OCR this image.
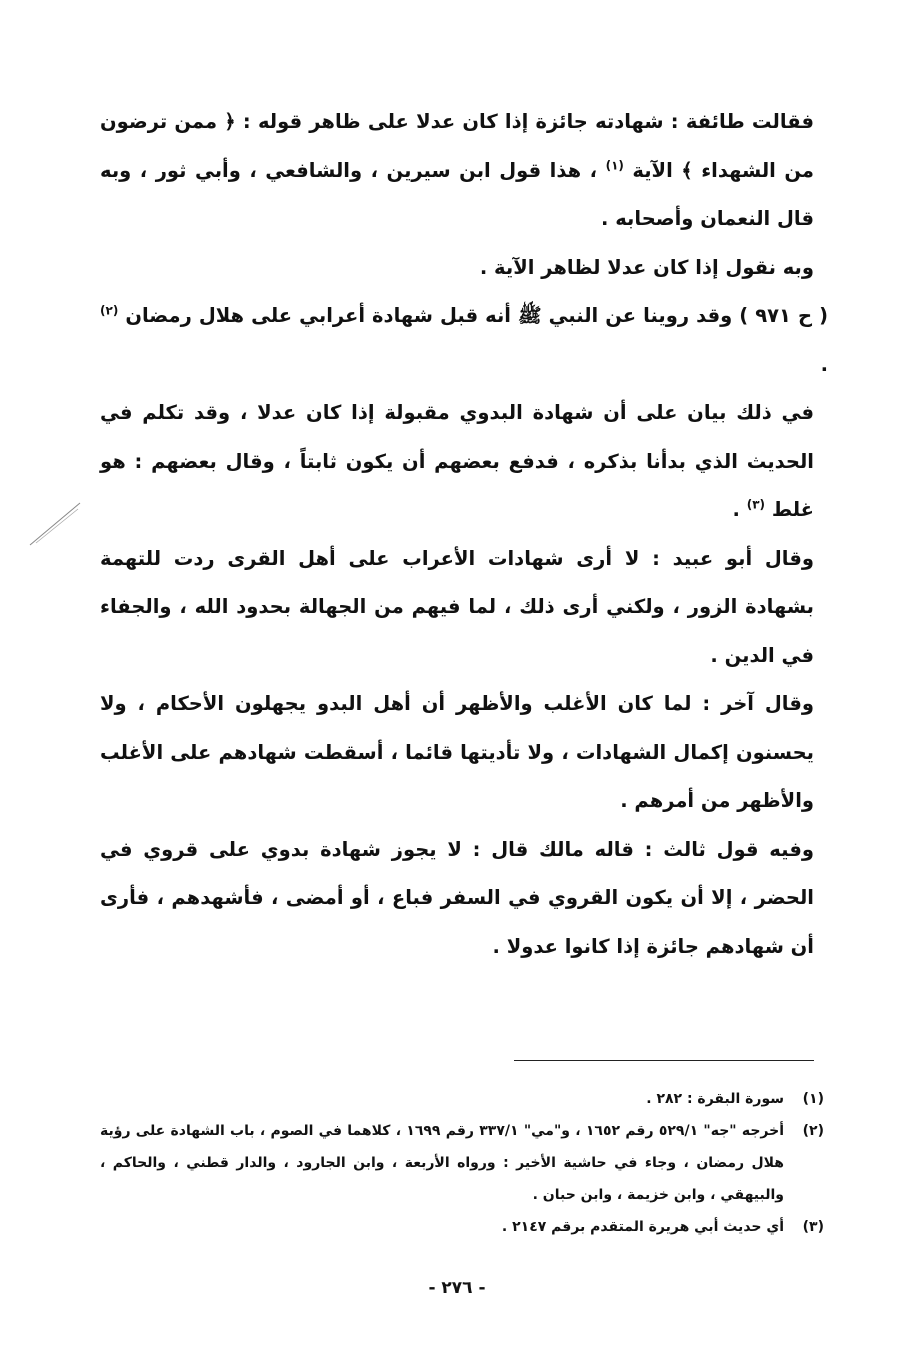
فقالت طائفة : شهادته جائزة إذا كان عدلا على ظاهر قوله : ﴿ ممن ترضون من الشهداء ﴾ الآية $^{(١)}$ ، هذا قول ابن سيرين ، والشافعي ، وأبي ثور ، وبه قال النعمان وأصحابه .

وبه نقول إذا كان عدلا لظاهر الآية .

( ح ٩٧١ ) وقد روينا عن النبي ﷺ أنه قبل شهادة أعرابي على هلال رمضان $^{(٢)}$ .

في ذلك بيان على أن شهادة البدوي مقبولة إذا كان عدلا ، وقد تكلم في الحديث الذي بدأنا بذكره ، فدفع بعضهم أن يكون ثابتاً ، وقال بعضهم : هو غلط $^{(٣)}$ .

وقال أبو عبيد : لا أرى شهادات الأعراب على أهل القرى ردت للتهمة بشهادة الزور ، ولكني أرى ذلك ، لما فيهم من الجهالة بحدود الله ، والجفاء في الدين .

وقال آخر : لما كان الأغلب والأظهر أن أهل البدو يجهلون الأحكام ، ولا يحسنون إكمال الشهادات ، ولا تأديتها قائما ، أسقطت شهادهم على الأغلب والأظهر من أمرهم .

وفيه قول ثالث : قاله مالك قال : لا يجوز شهادة بدوي على قروي في الحضر ، إلا أن يكون القروي في السفر فباع ، أو أمضى ، فأشهدهم ، فأرى أن شهادهم جائزة إذا كانوا عدولا .

(١)
سورة البقرة : ٢٨٢ .
(٢)
أخرجه "جه" ٥٢٩/١ رقم ١٦٥٢ ، و"مي" ٣٣٧/١ رقم ١٦٩٩ ، كلاهما في الصوم ، باب الشهادة على رؤية هلال رمضان ، وجاء في حاشية الأخير : ورواه الأربعة ، وابن الجارود ، والدار قطني ، والحاكم ، والبيهقي ، وابن خزيمة ، وابن حبان .
(٣)
أي حديث أبي هريرة المتقدم برقم ٢١٤٧ .
- ٢٧٦ -
